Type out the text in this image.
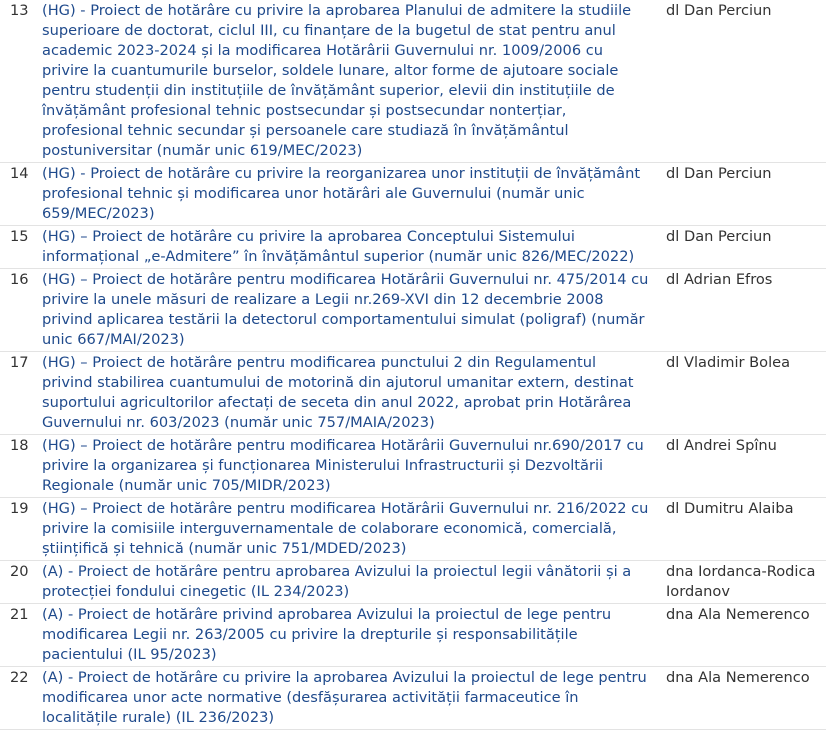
13	(HG) - Proiect de hotărâre cu privire la aprobarea Planului de admitere la studiile superioare de doctorat, ciclul III, cu finanțare de la bugetul de stat pentru anul academic 2023-2024 și la modificarea Hotărârii Guvernului nr. 1009/2006 cu privire la cuantumurile burselor, soldele lunare, altor forme de ajutoare sociale pentru studenții din instituțiile de învățământ superior, elevii din instituțiile de învățământ profesional tehnic postsecundar și postsecundar nonterțiar, profesional tehnic secundar și persoanele care studiază în învățământul postuniversitar (număr unic 619/MEC/2023)	dl Dan Perciun
14	(HG) - Proiect de hotărâre cu privire la reorganizarea unor instituții de învățământ profesional tehnic și modificarea unor hotărâri ale Guvernului (număr unic 659/MEC/2023)	dl Dan Perciun
15	(HG) – Proiect de hotărâre cu privire la aprobarea Conceptului Sistemului informațional „e-Admitere” în învățământul superior (număr unic 826/MEC/2022)	dl Dan Perciun
16	(HG) – Proiect de hotărâre pentru modificarea Hotărârii Guvernului nr. 475/2014 cu privire la unele măsuri de realizare a Legii nr.269-XVI din 12 decembrie 2008 privind aplicarea testării la detectorul comportamentului simulat (poligraf) (număr unic 667/MAI/2023)	dl Adrian Efros
17	(HG) – Proiect de hotărâre pentru modificarea punctului 2 din Regulamentul privind stabilirea cuantumului de motorină din ajutorul umanitar extern, destinat suportului agricultorilor afectați de seceta din anul 2022, aprobat prin Hotărârea Guvernului nr. 603/2023 (număr unic 757/MAIA/2023)	dl Vladimir Bolea
18	(HG) – Proiect de hotărâre pentru modificarea Hotărârii Guvernului nr.690/2017 cu privire la organizarea și funcționarea Ministerului Infrastructurii și Dezvoltării Regionale (număr unic 705/MIDR/2023)	dl Andrei Spînu
19	(HG) – Proiect de hotărâre pentru modificarea Hotărârii Guvernului nr. 216/2022 cu privire la comisiile interguvernamentale de colaborare economică, comercială, științifică și tehnică (număr unic 751/MDED/2023)	dl Dumitru Alaiba
20	(A) - Proiect de hotărâre pentru aprobarea Avizului la proiectul legii vânătorii și a protecției fondului cinegetic (IL 234/2023)	dna Iordanca-Rodica Iordanov
21	(A) - Proiect de hotărâre privind aprobarea Avizului la proiectul de lege pentru modificarea Legii nr. 263/2005 cu privire la drepturile și responsabilitățile pacientului (IL 95/2023)	dna Ala Nemerenco
22	(A) - Proiect de hotărâre cu privire la aprobarea Avizului la proiectul de lege pentru modificarea unor acte normative (desfășurarea activității farmaceutice în localitățile rurale) (IL 236/2023)	dna Ala Nemerenco
